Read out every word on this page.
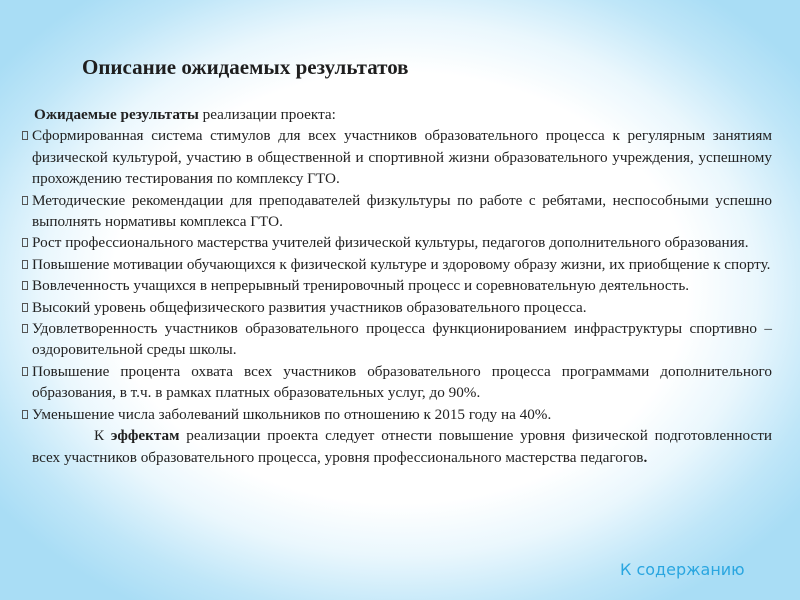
Описание ожидаемых результатов

Ожидаемые результаты реализации проекта:

Сформированная система стимулов для всех участников образовательного процесса к регулярным занятиям физической культурой, участию в общественной и спортивной жизни образовательного учреждения, успешному прохождению тестирования по комплексу ГТО.
Методические рекомендации для преподавателей физкультуры по работе с ребятами, неспособными успешно выполнять нормативы комплекса ГТО.
Рост профессионального мастерства учителей физической культуры, педагогов дополнительного образования.
Повышение мотивации обучающихся к физической культуре и здоровому образу жизни, их приобщение к спорту.
Вовлеченность учащихся в непрерывный тренировочный процесс и соревновательную деятельность.
Высокий уровень общефизического развития участников образовательного процесса.
Удовлетворенность участников образовательного процесса функционированием инфраструктуры спортивно – оздоровительной среды школы.
Повышение процента охвата всех участников образовательного процесса программами дополнительного образования, в т.ч. в рамках платных образовательных услуг, до 90%.
Уменьшение числа заболеваний школьников по отношению к 2015 году на 40%.

К эффектам реализации проекта следует отнести повышение уровня физической подготовленности всех участников образовательного процесса, уровня профессионального мастерства педагогов.

К содержанию
